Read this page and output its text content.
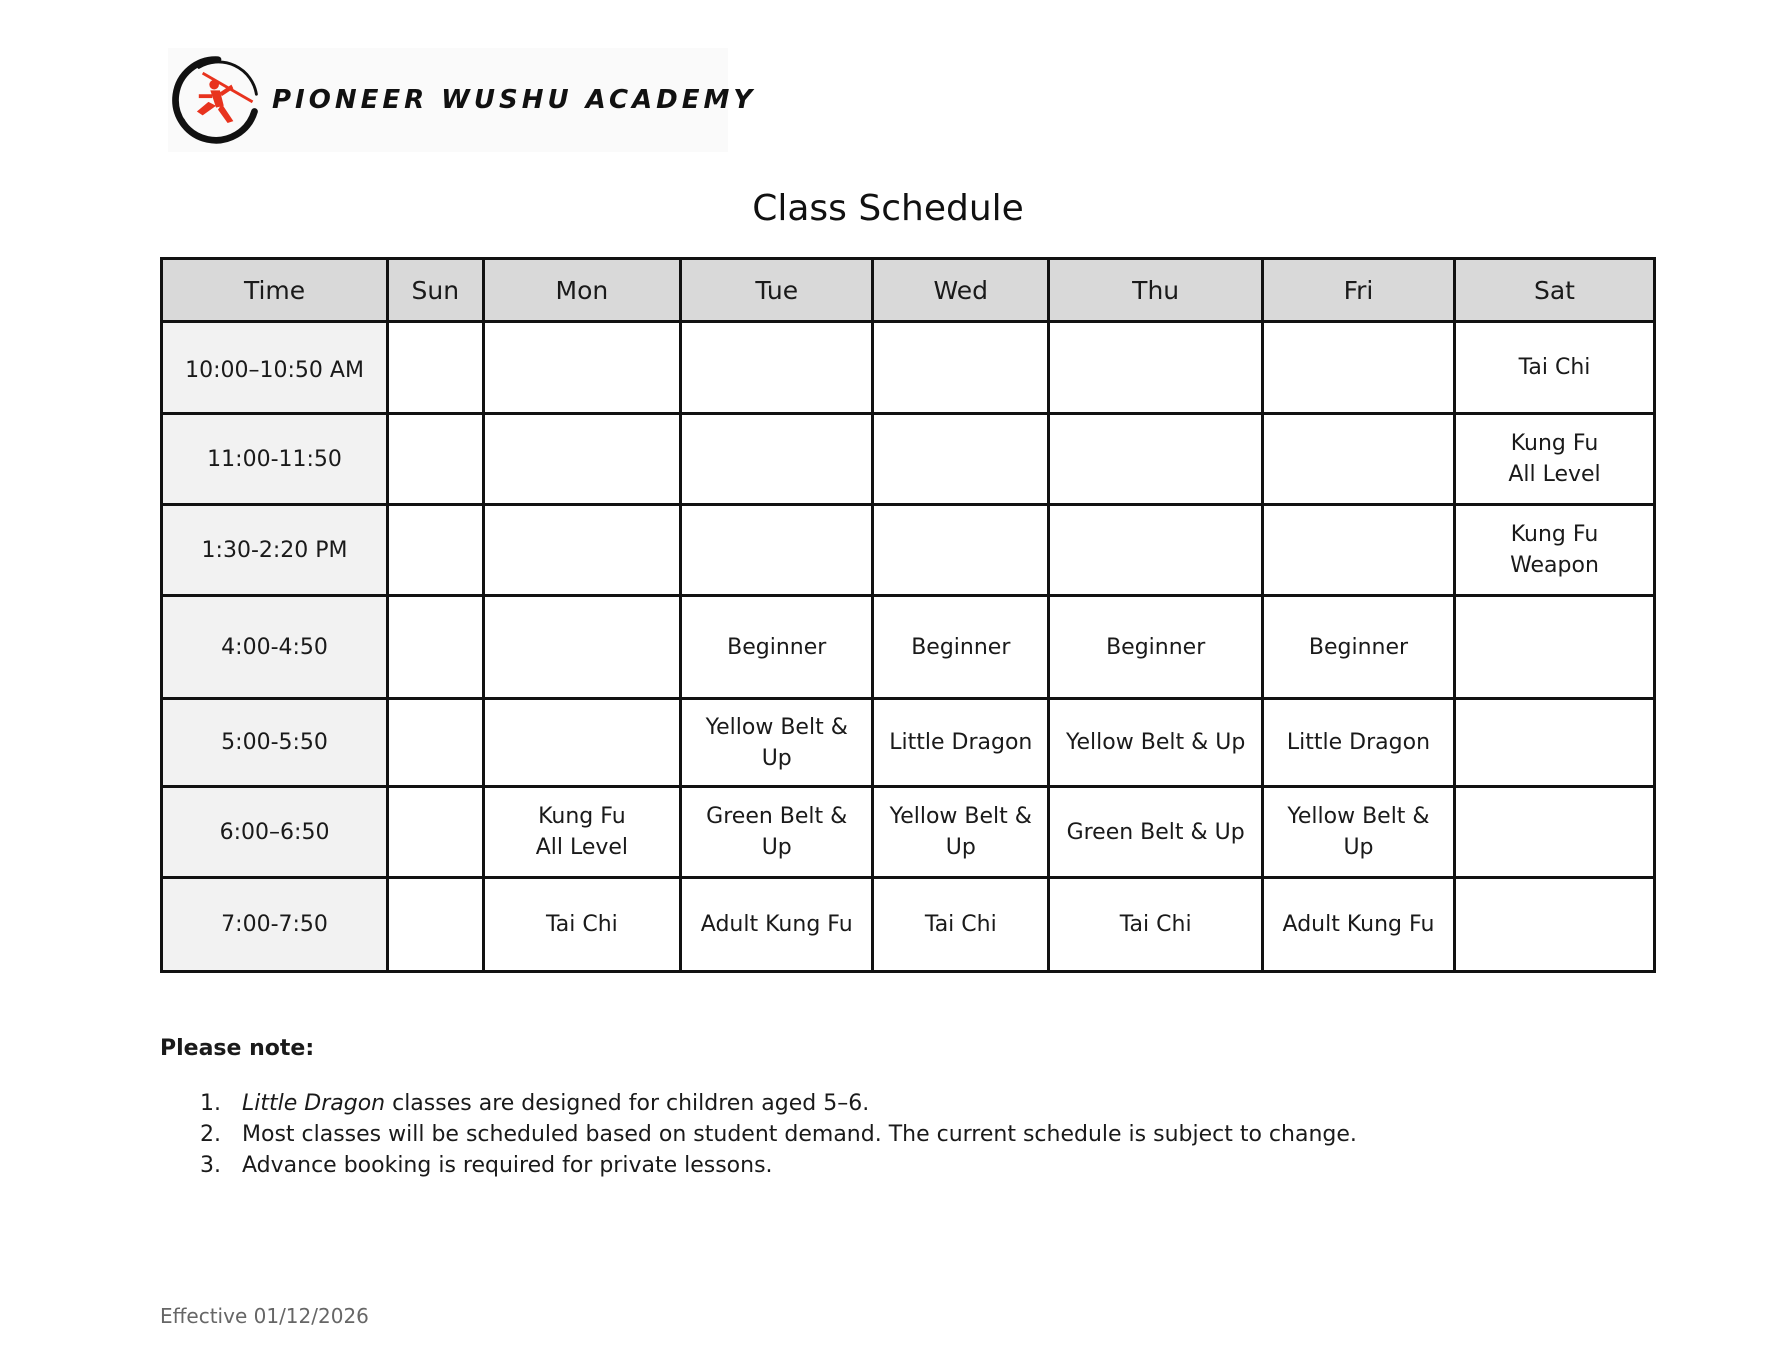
PIONEER WUSHU ACADEMY
Class Schedule
Time	Sun	Mon	Tue	Wed	Thu	Fri	Sat
10:00–10:50 AM							Tai Chi
11:00-11:50							Kung Fu
All Level
1:30-2:20 PM							Kung Fu
Weapon
4:00-4:50			Beginner	Beginner	Beginner	Beginner	
5:00-5:50			Yellow Belt &
Up	Little Dragon	Yellow Belt & Up	Little Dragon	
6:00–6:50		Kung Fu
All Level	Green Belt &
Up	Yellow Belt &
Up	Green Belt & Up	Yellow Belt &
Up	
7:00-7:50		Tai Chi	Adult Kung Fu	Tai Chi	Tai Chi	Adult Kung Fu	

Please note:

1. Little Dragon classes are designed for children aged 5–6.
2. Most classes will be scheduled based on student demand. The current schedule is subject to change.
3. Advance booking is required for private lessons.
Effective 01/12/2026
